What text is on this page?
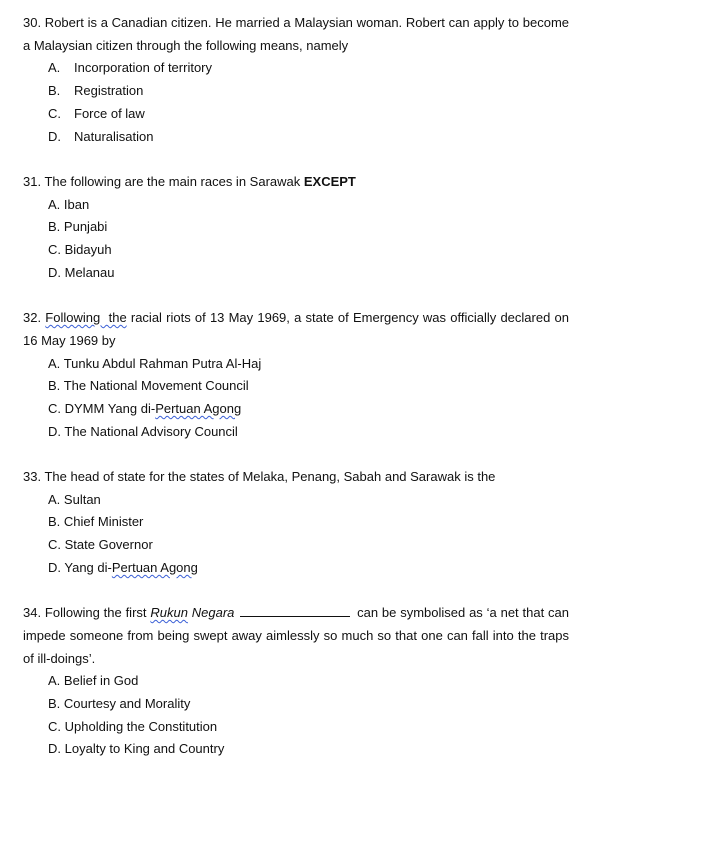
30. Robert is a Canadian citizen. He married a Malaysian woman. Robert can apply to become a Malaysian citizen through the following means, namely

A. Incorporation of territory
B. Registration
C. Force of law
D. Naturalisation

31. The following are the main races in Sarawak EXCEPT

A. Iban
B. Punjabi
C. Bidayuh
D. Melanau

32. Following  the racial riots of 13 May 1969, a state of Emergency was officially declared on 16 May 1969 by

A. Tunku Abdul Rahman Putra Al-Haj
B. The National Movement Council
C. DYMM Yang di-Pertuan Agong
D. The National Advisory Council

33. The head of state for the states of Melaka, Penang, Sabah and Sarawak is the

A. Sultan
B. Chief Minister
C. State Governor
D. Yang di-Pertuan Agong

34. Following the first Rukun Negara	can be symbolised as ‘a net that can impede someone from being swept away aimlessly so much so that one can fall into the traps of ill-doings’.

A. Belief in God
B. Courtesy and Morality
C. Upholding the Constitution
D. Loyalty to King and Country
